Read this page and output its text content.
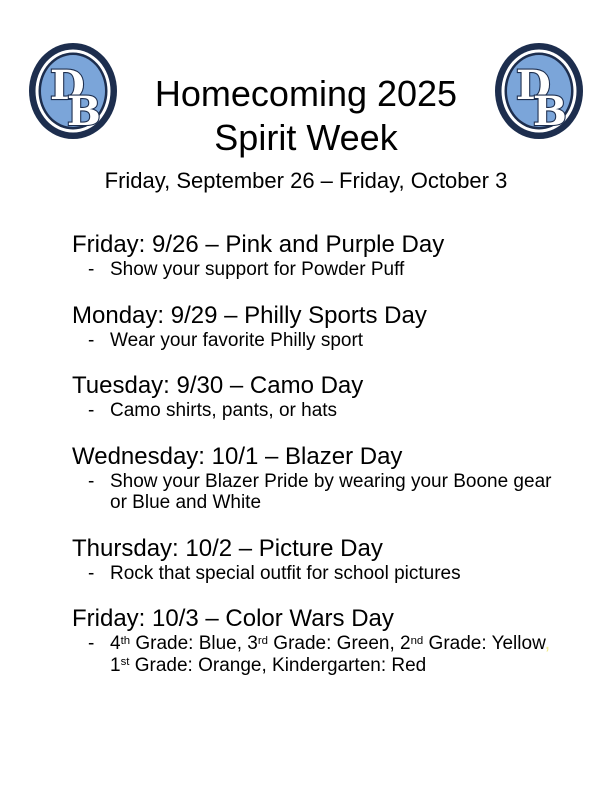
D
B
D
B
Homecoming 2025
Spirit Week

Friday, September 26 – Friday, October 3

Friday: 9/26 – Pink and Purple Day
- Show your support for Powder Puff
Monday: 9/29 – Philly Sports Day
- Wear your favorite Philly sport
Tuesday: 9/30 – Camo Day
- Camo shirts, pants, or hats
Wednesday: 10/1 – Blazer Day
- Show your Blazer Pride by wearing your Boone gear
or Blue and White
Thursday: 10/2 – Picture Day
- Rock that special outfit for school pictures
Friday: 10/3 – Color Wars Day
- 4th Grade: Blue, 3rd Grade: Green, 2nd Grade: Yellow,
1st Grade: Orange, Kindergarten: Red
